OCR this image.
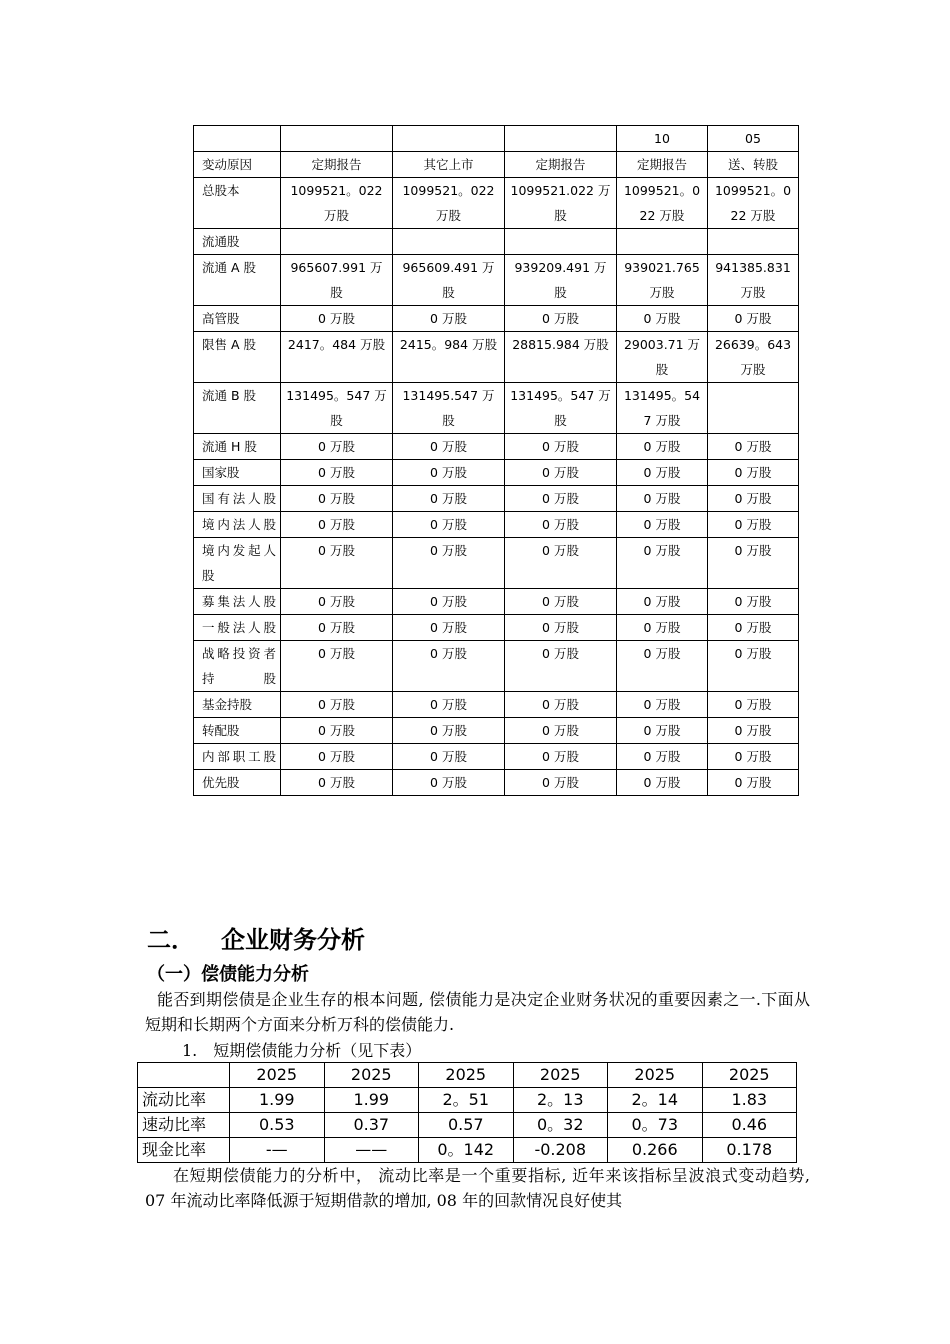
				10	05
变动原因	定期报告	其它上市	定期报告	定期报告	送、转股
总股本	1099521。022 万股	1099521。022 万股	1099521.022 万股	1099521。0 22 万股	1099521。0 22 万股
流通股					
流通 A 股	965607.991 万股	965609.491 万股	939209.491 万股	939021.765 万股	941385.831 万股
高管股	0 万股	0 万股	0 万股	0 万股	0 万股
限售 A 股	2417。484 万股	2415。984 万股	28815.984 万股	29003.71 万股	26639。643 万股
流通 B 股	131495。547 万股	131495.547 万股	131495。547 万股	131495。54 7 万股	
流通 H 股	0 万股	0 万股	0 万股	0 万股	0 万股
国家股	0 万股	0 万股	0 万股	0 万股	0 万股
国有法人股	0 万股	0 万股	0 万股	0 万股	0 万股
境内法人股	0 万股	0 万股	0 万股	0 万股	0 万股
境内发起人股	0 万股	0 万股	0 万股	0 万股	0 万股
募集法人股	0 万股	0 万股	0 万股	0 万股	0 万股
一般法人股	0 万股	0 万股	0 万股	0 万股	0 万股
战略投资者持股	0 万股	0 万股	0 万股	0 万股	0 万股
基金持股	0 万股	0 万股	0 万股	0 万股	0 万股
转配股	0 万股	0 万股	0 万股	0 万股	0 万股
内部职工股	0 万股	0 万股	0 万股	0 万股	0 万股
优先股	0 万股	0 万股	0 万股	0 万股	0 万股
二． 企业财务分析
（一）偿债能力分析
能否到期偿债是企业生存的根本问题, 偿债能力是决定企业财务状况的重要因素之一.下面从短期和长期两个方面来分析万科的偿债能力.
1. 短期偿债能力分析（见下表）
	2025	2025	2025	2025	2025	2025
流动比率	1.99	1.99	2。51	2。13	2。14	1.83
速动比率	0.53	0.37	0.57	0。32	0。73	0.46
现金比率	-—	——	0。142	-0.208	0.266	0.178
在短期偿债能力的分析中， 流动比率是一个重要指标, 近年来该指标呈波浪式变动趋势, 07 年流动比率降低源于短期借款的增加, 08 年的回款情况良好使其
